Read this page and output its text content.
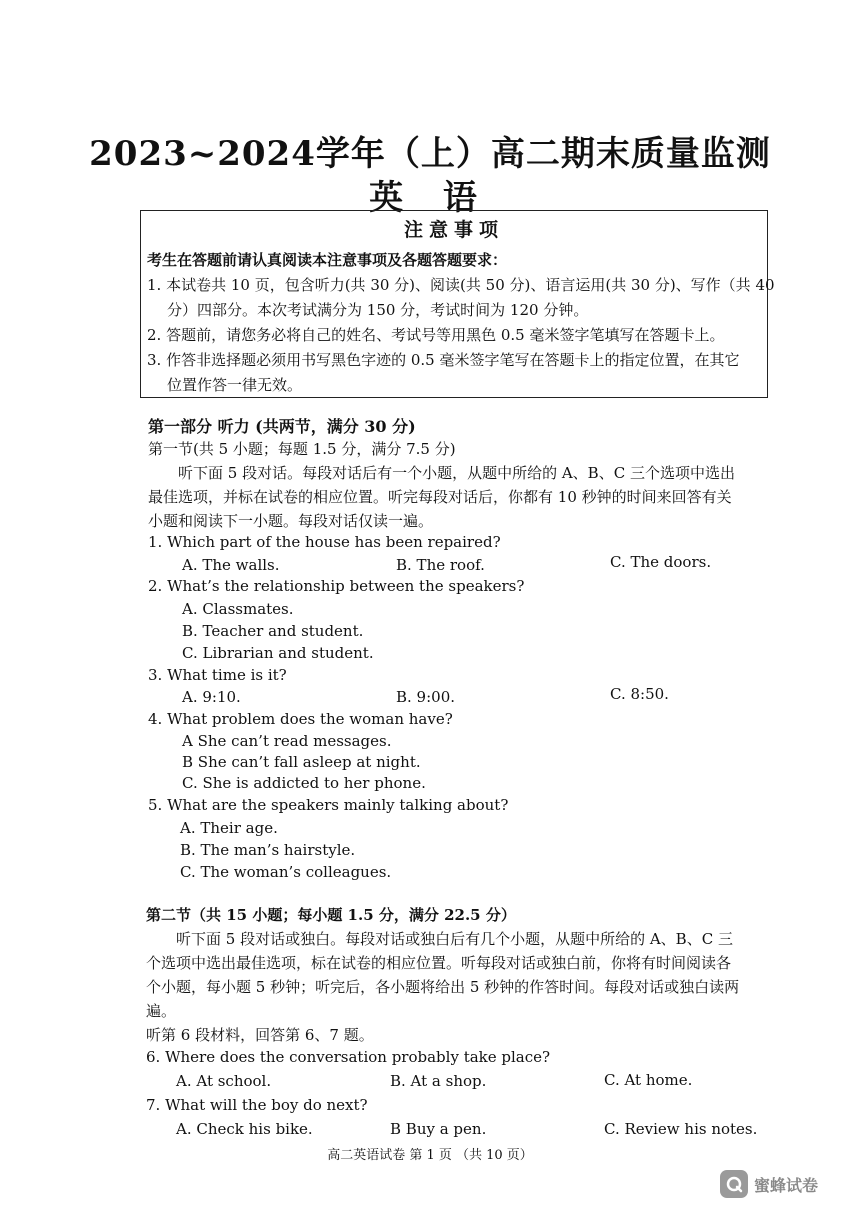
2023~2024学年（上）高二期末质量监测
英 语
注意事项
考生在答题前请认真阅读本注意事项及各题答题要求：
1. 本试卷共 10 页，包含听力(共 30 分)、阅读(共 50 分)、语言运用(共 30 分)、写作（共 40
分）四部分。本次考试满分为 150 分，考试时间为 120 分钟。
2. 答题前，请您务必将自己的姓名、考试号等用黑色 0.5 毫米签字笔填写在答题卡上。
3. 作答非选择题必须用书写黑色字迹的 0.5 毫米签字笔写在答题卡上的指定位置，在其它
位置作答一律无效。
第一部分 听力 (共两节，满分 30 分)
第一节(共 5 小题；每题 1.5 分，满分 7.5 分)
听下面 5 段对话。每段对话后有一个小题，从题中所给的 A、B、C 三个选项中选出
最佳选项，并标在试卷的相应位置。听完每段对话后，你都有 10 秒钟的时间来回答有关
小题和阅读下一小题。每段对话仅读一遍。
1. Which part of the house has been repaired?
A. The walls.	B. The roof.	C. The doors.
2. What’s the relationship between the speakers?
A. Classmates.
B. Teacher and student.
C. Librarian and student.
3. What time is it?
A. 9:10.	B. 9:00.	C. 8:50.
4. What problem does the woman have?
A She can’t read messages.
B She can’t fall asleep at night.
C. She is addicted to her phone.
5. What are the speakers mainly talking about?
A. Their age.
B. The man’s hairstyle.
C. The woman’s colleagues.
第二节（共 15 小题；每小题 1.5 分，满分 22.5 分）
听下面 5 段对话或独白。每段对话或独白后有几个小题，从题中所给的 A、B、C 三
个选项中选出最佳选项，标在试卷的相应位置。听每段对话或独白前，你将有时间阅读各
个小题，每小题 5 秒钟；听完后，各小题将给出 5 秒钟的作答时间。每段对话或独白读两
遍。
听第 6 段材料，回答第 6、7 题。
6. Where does the conversation probably take place?
A. At school.	B. At a shop.	C. At home.
7. What will the boy do next?
A. Check his bike.	B Buy a pen.	C. Review his notes.
高二英语试卷 第 1 页 （共 10 页）
蜜蜂试卷
